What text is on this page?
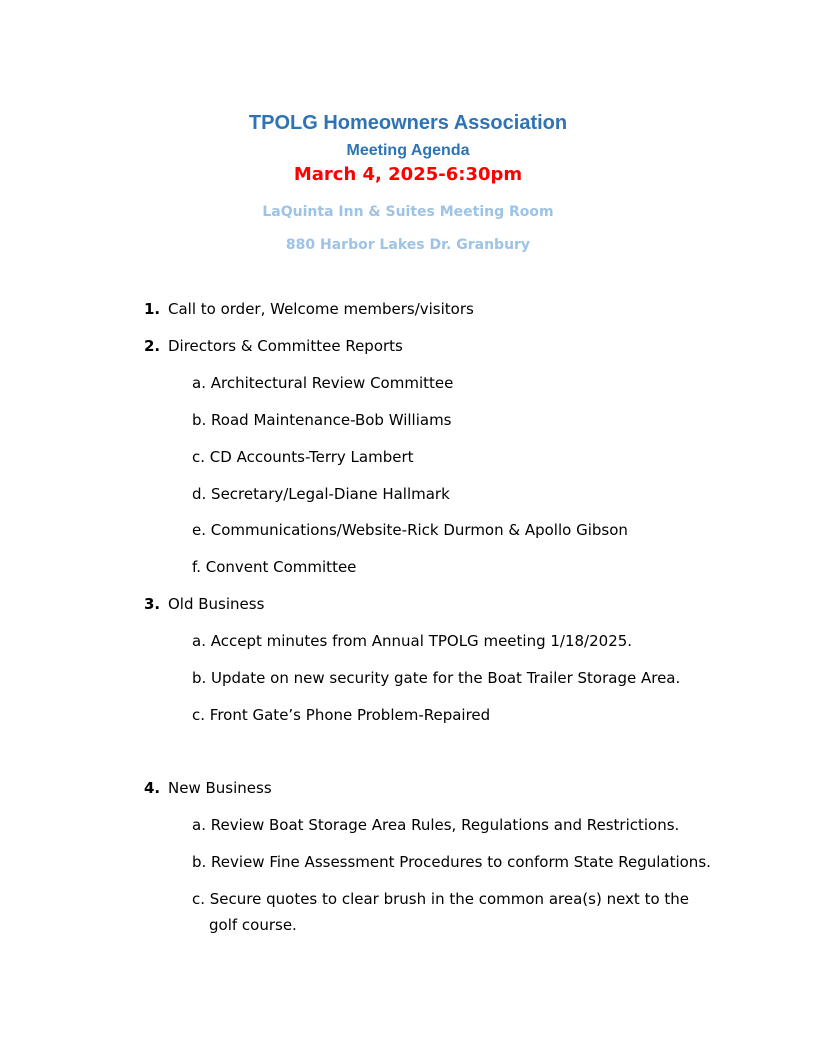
TPOLG Homeowners Association
Meeting Agenda
March 4, 2025-6:30pm
LaQuinta Inn & Suites Meeting Room
880 Harbor Lakes Dr. Granbury
1. Call to order, Welcome members/visitors
2. Directors & Committee Reports
a. Architectural Review Committee
b. Road Maintenance-Bob Williams
c. CD Accounts-Terry Lambert
d. Secretary/Legal-Diane Hallmark
e. Communications/Website-Rick Durmon & Apollo Gibson
f. Convent Committee
3. Old Business
a. Accept minutes from Annual TPOLG meeting 1/18/2025.
b. Update on new security gate for the Boat Trailer Storage Area.
c. Front Gate’s Phone Problem-Repaired
4. New Business
a. Review Boat Storage Area Rules, Regulations and Restrictions.
b. Review Fine Assessment Procedures to conform State Regulations.
c. Secure quotes to clear brush in the common area(s) next to the
golf course.
